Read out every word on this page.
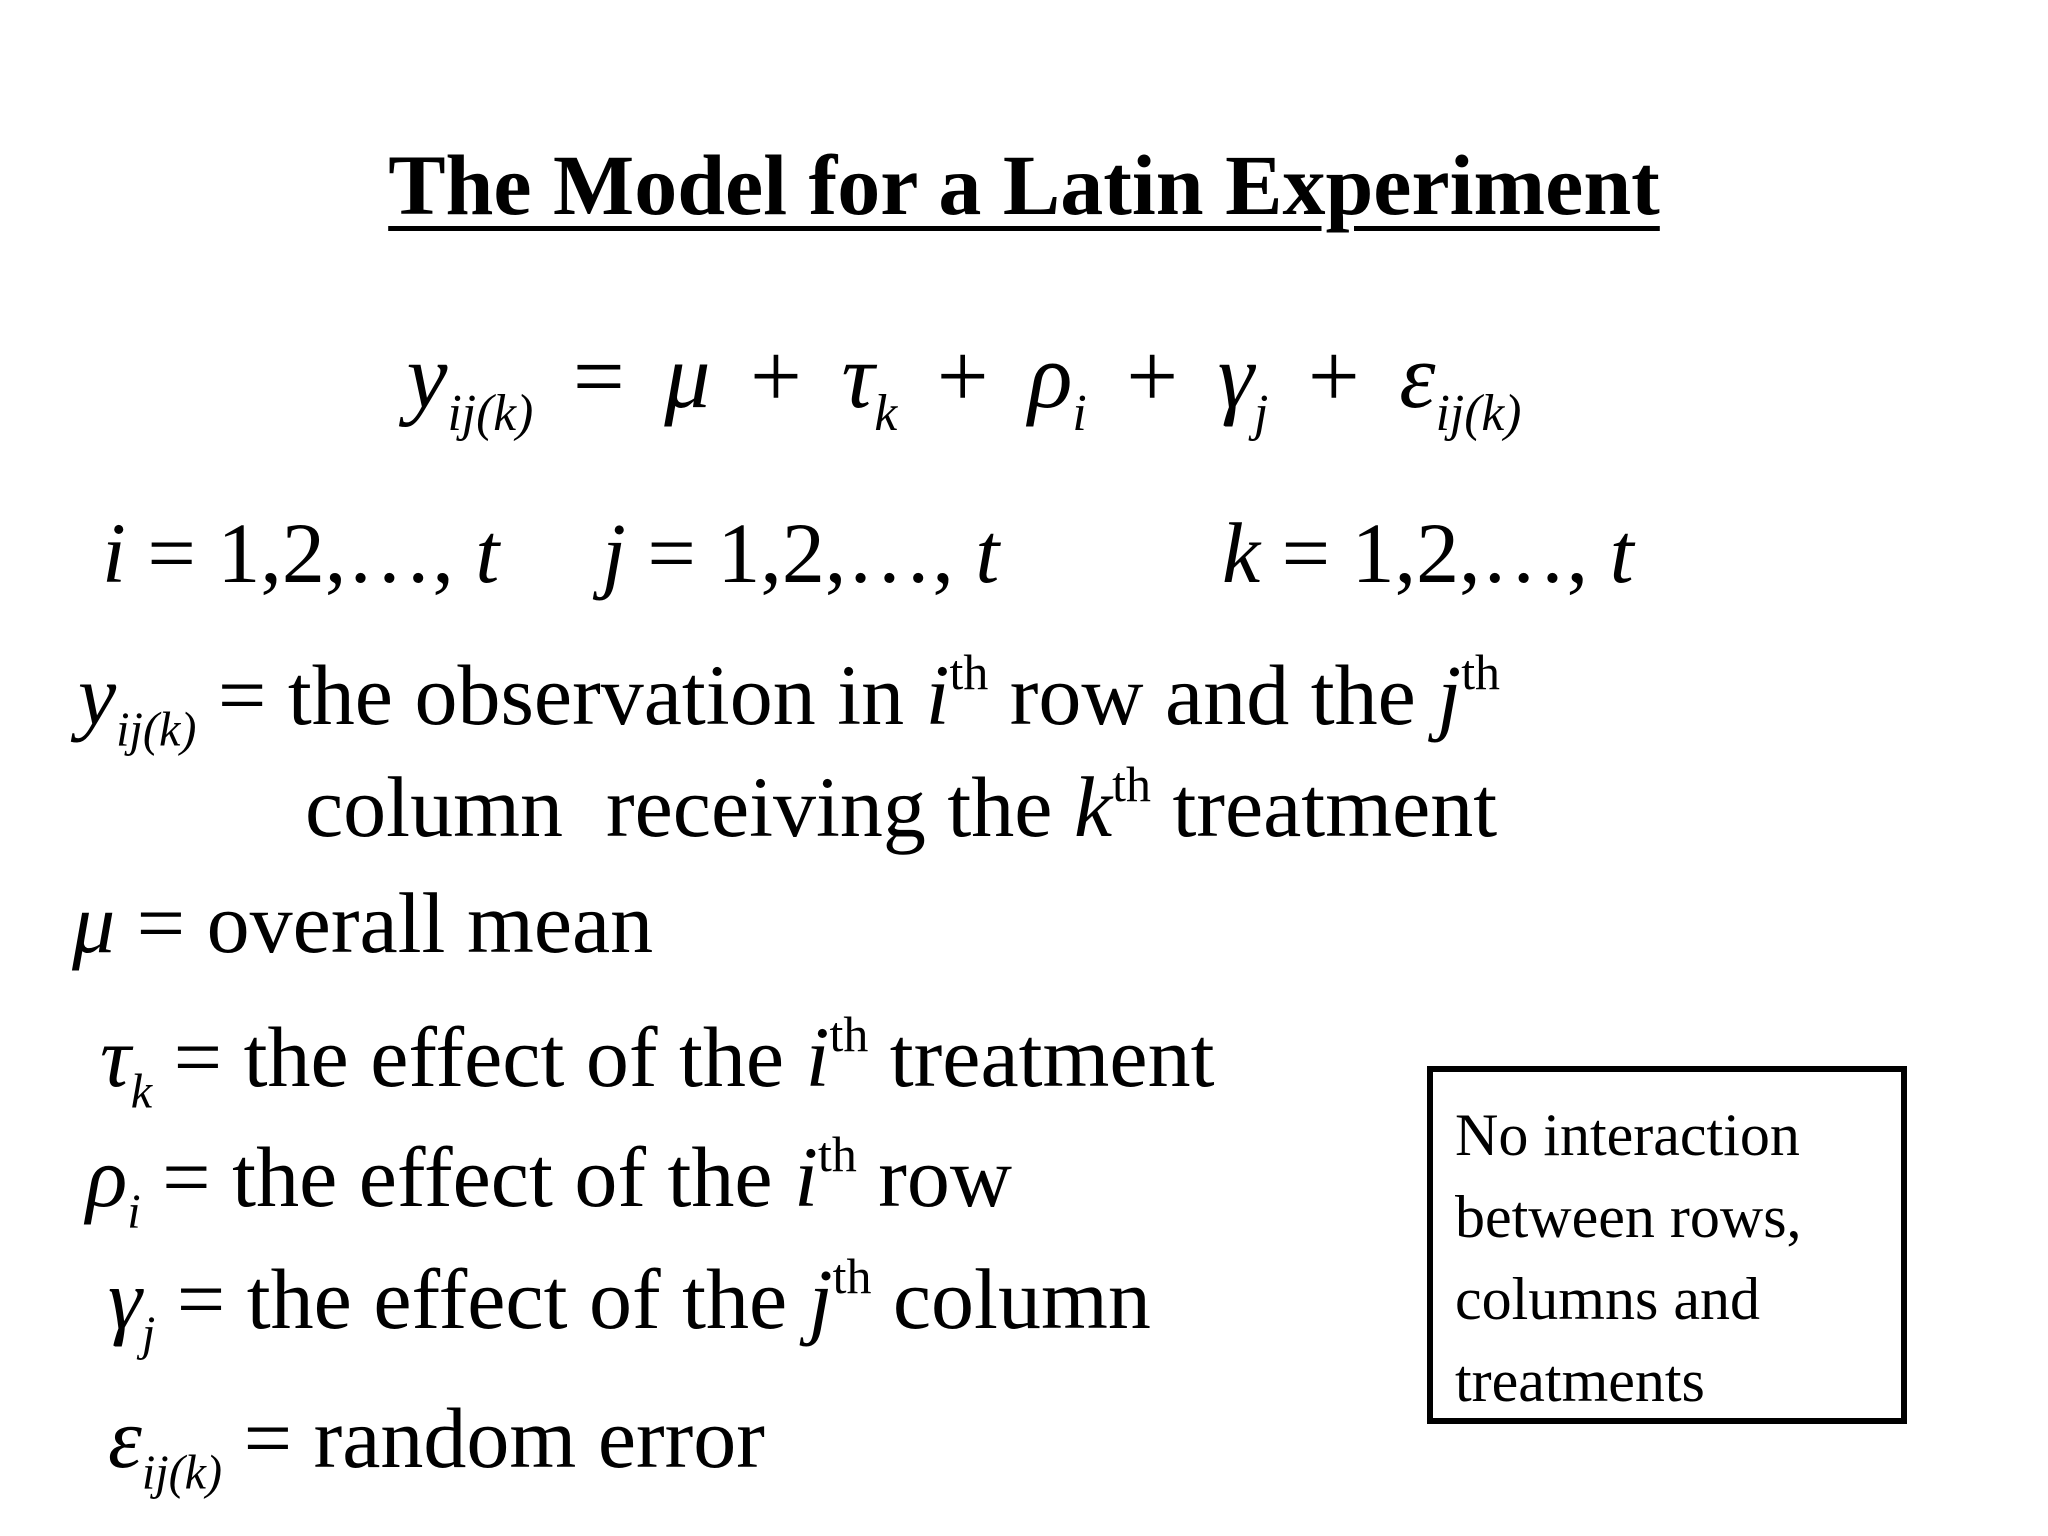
The Model for a Latin Experiment
$y_{ij(k)} = \mu + \tau_k + \rho_i + \gamma_j + \varepsilon_{ij(k)}$
i = 1,2,…, t j = 1,2,…, t	k = 1,2,…, t
$y_{ij(k)}$ = the observation in $i^{th}$ row and the $j^{th}$
column  receiving the $k^{th}$ treatment
μ = overall mean
$\tau_k$ = the effect of the $i^{th}$ treatment
$\rho_i$ = the effect of the $i^{th}$ row
$\gamma_j$ = the effect of the $j^{th}$ column
$\varepsilon_{ij(k)}$ = random error
No interaction
between rows,
columns and
treatments
